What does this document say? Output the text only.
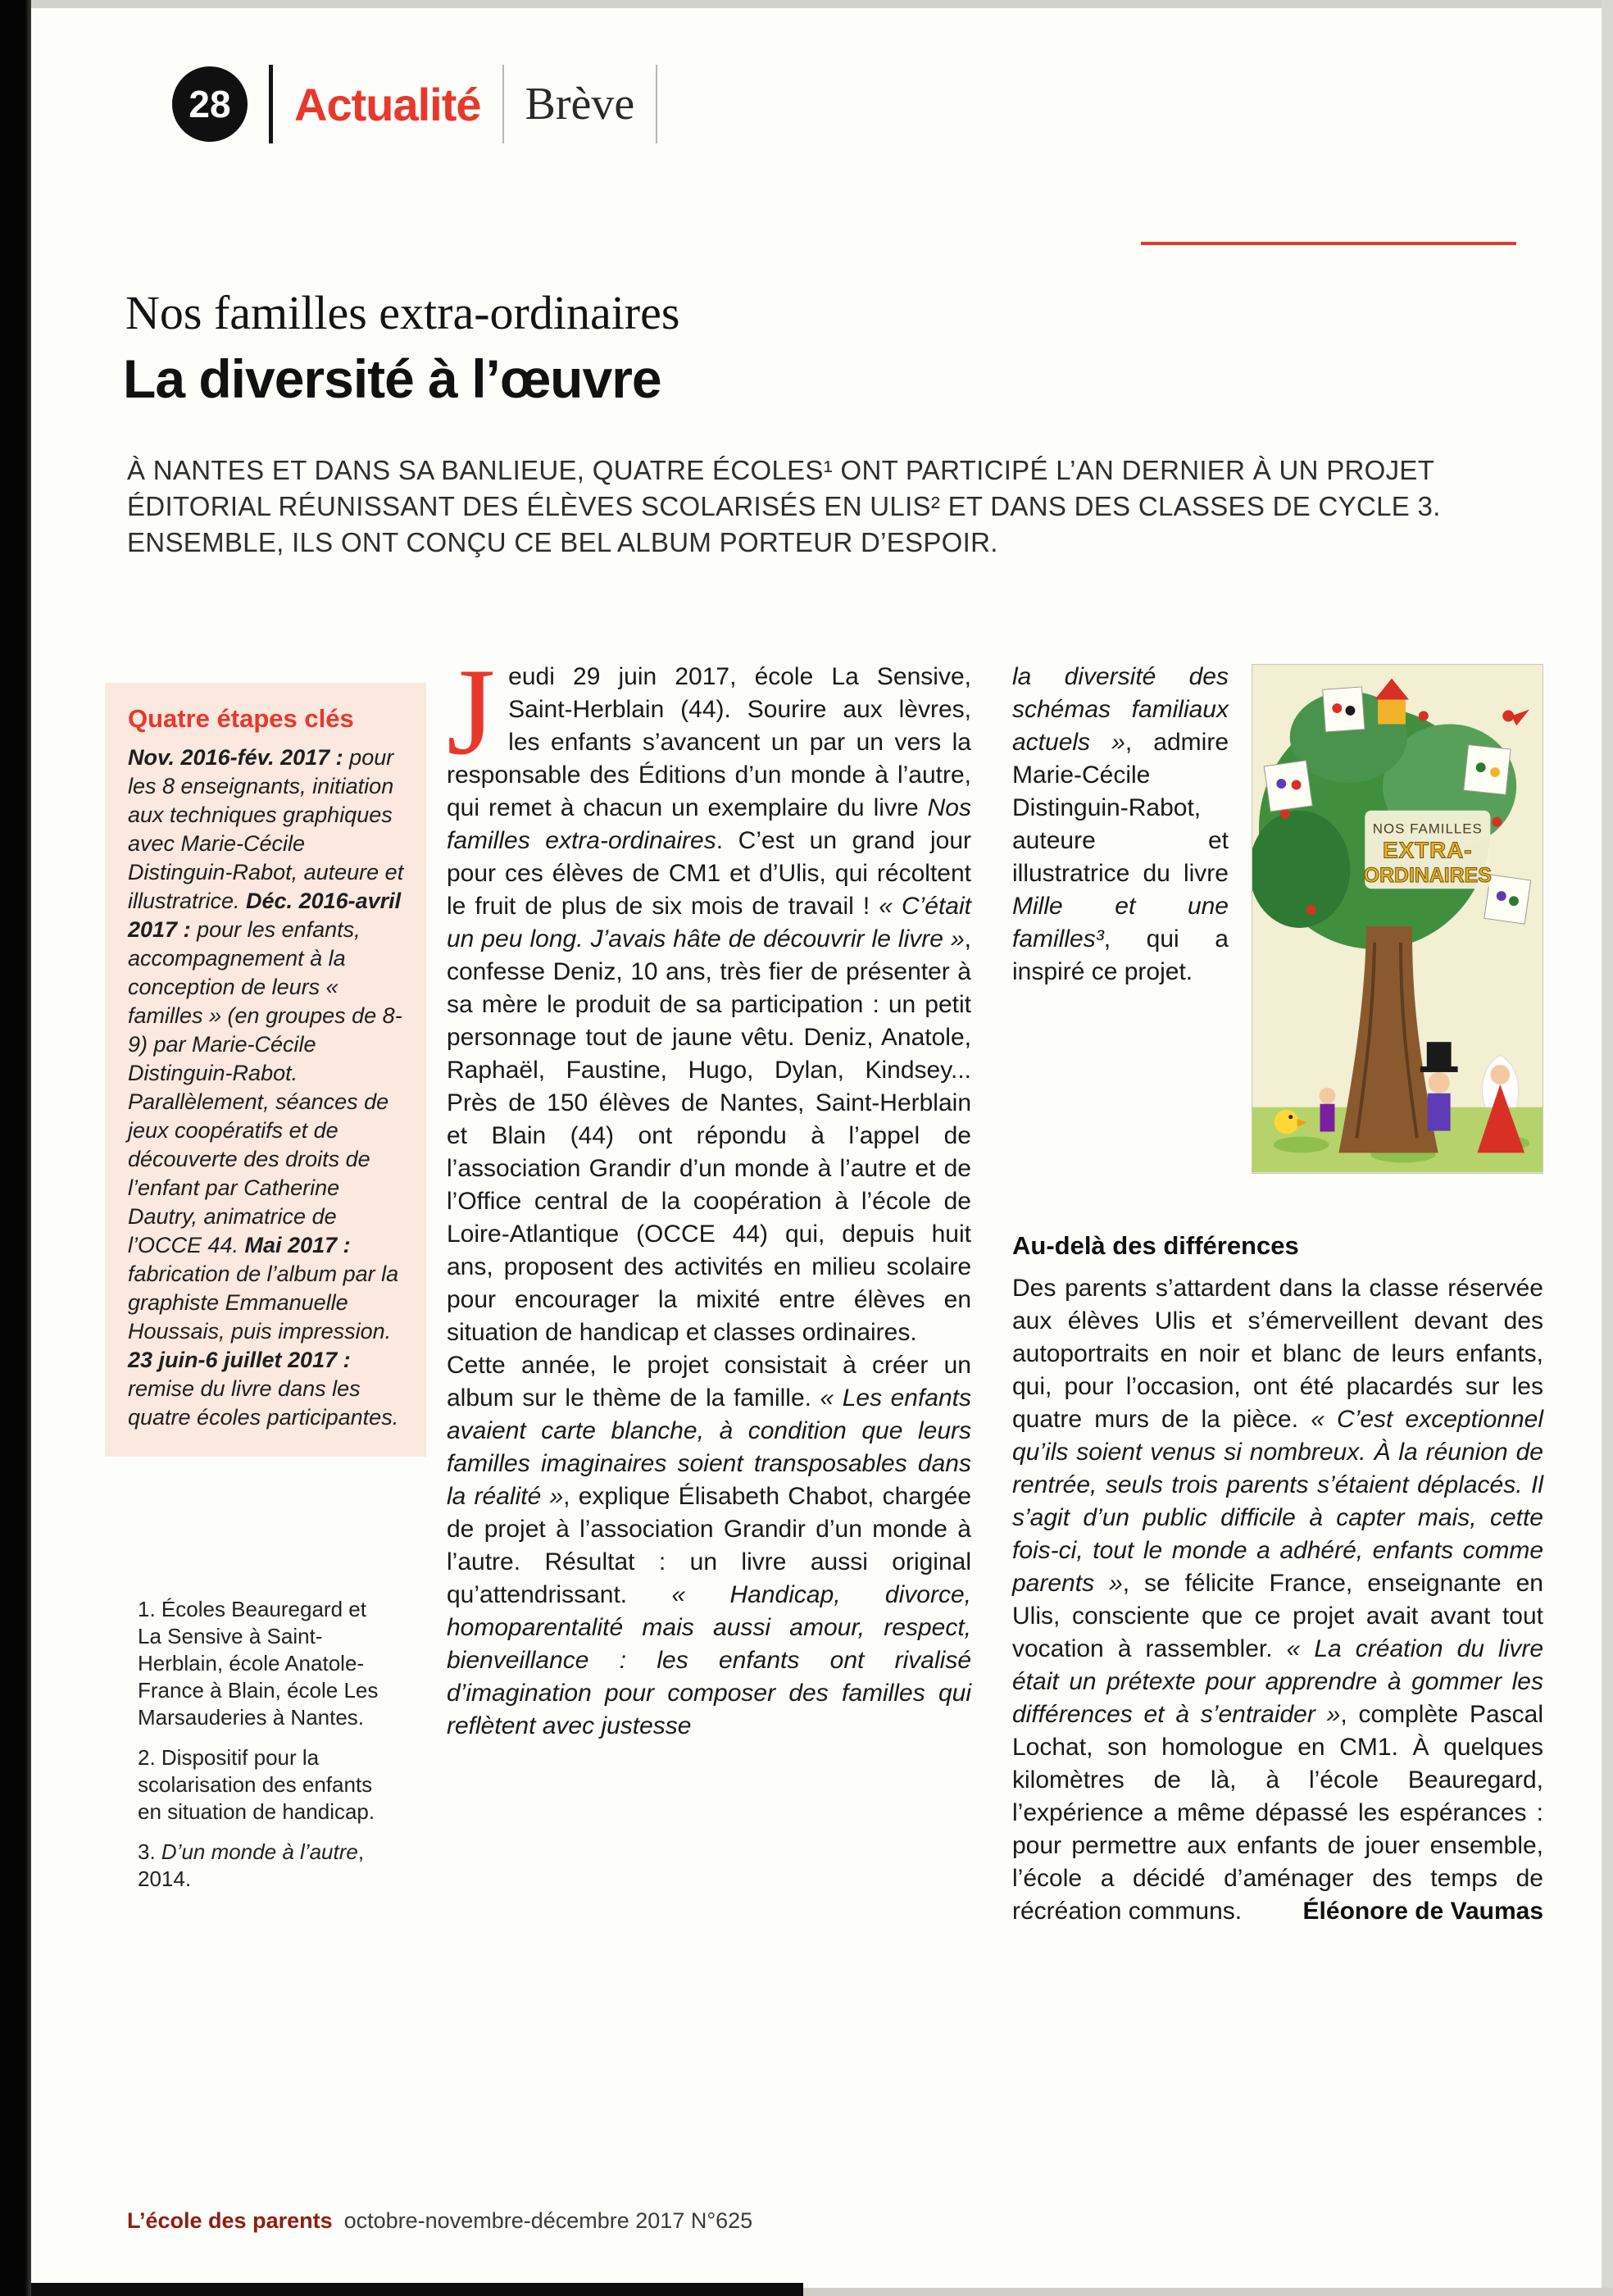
28	Actualité Brève
Nos familles extra-ordinaires
La diversité à l’œuvre

À NANTES ET DANS SA BANLIEUE, QUATRE ÉCOLES¹ ONT PARTICIPÉ L’AN DERNIER À UN PROJET ÉDITORIAL RÉUNISSANT DES ÉLÈVES SCOLARISÉS EN ULIS² ET DANS DES CLASSES DE CYCLE 3. ENSEMBLE, ILS ONT CONÇU CE BEL ALBUM PORTEUR D’ESPOIR.

Quatre étapes clés

Nov. 2016-fév. 2017 : pour les 8 enseignants, initiation aux techniques graphiques avec Marie-Cécile Distinguin-Rabot, auteure et illustratrice. Déc. 2016-avril 2017 : pour les enfants, accompagnement à la conception de leurs « familles » (en groupes de 8-9) par Marie-Cécile Distinguin-Rabot. Parallèlement, séances de jeux coopératifs et de découverte des droits de l’enfant par Catherine Dautry, animatrice de l’OCCE 44. Mai 2017 : fabrication de l’album par la graphiste Emmanuelle Houssais, puis impression. 23 juin-6 juillet 2017 : remise du livre dans les quatre écoles participantes.

1. Écoles Beauregard et La Sensive à Saint-Herblain, école Anatole-France à Blain, école Les Marsauderies à Nantes.

2. Dispositif pour la scolarisation des enfants en situation de handicap.

3. D’un monde à l’autre, 2014.

Jeudi 29 juin 2017, école La Sensive, Saint-Herblain (44). Sourire aux lèvres, les enfants s’avancent un par un vers la responsable des Éditions d’un monde à l’autre, qui remet à chacun un exemplaire du livre Nos familles extra-ordinaires. C’est un grand jour pour ces élèves de CM1 et d’Ulis, qui récoltent le fruit de plus de six mois de travail ! « C’était un peu long. J’avais hâte de découvrir le livre », confesse Deniz, 10 ans, très fier de présenter à sa mère le produit de sa participation : un petit personnage tout de jaune vêtu. Deniz, Anatole, Raphaël, Faustine, Hugo, Dylan, Kindsey... Près de 150 élèves de Nantes, Saint-Herblain et Blain (44) ont répondu à l’appel de l’association Grandir d’un monde à l’autre et de l’Office central de la coopération à l’école de Loire-Atlantique (OCCE 44) qui, depuis huit ans, proposent des activités en milieu scolaire pour encourager la mixité entre élèves en situation de handicap et classes ordinaires.

Cette année, le projet consistait à créer un album sur le thème de la famille. « Les enfants avaient carte blanche, à condition que leurs familles imaginaires soient transposables dans la réalité », explique Élisabeth Chabot, chargée de projet à l’association Grandir d’un monde à l’autre. Résultat : un livre aussi original qu’attendrissant. « Handicap, divorce, homoparentalité mais aussi amour, respect, bienveillance : les enfants ont rivalisé d’imagination pour composer des familles qui reflètent avec justesse

NOS FAMILLES
EXTRA-
ORDINAIRES

la diversité des schémas familiaux actuels », admire Marie-Cécile Distinguin-Rabot, auteure et illustratrice du livre Mille et une familles³, qui a inspiré ce projet.

Au-delà des différences

Des parents s’attardent dans la classe réservée aux élèves Ulis et s’émerveillent devant des autoportraits en noir et blanc de leurs enfants, qui, pour l’occasion, ont été placardés sur les quatre murs de la pièce. « C’est exceptionnel qu’ils soient venus si nombreux. À la réunion de rentrée, seuls trois parents s’étaient déplacés. Il s’agit d’un public difficile à capter mais, cette fois-ci, tout le monde a adhéré, enfants comme parents », se félicite France, enseignante en Ulis, consciente que ce projet avait avant tout vocation à rassembler. « La création du livre était un prétexte pour apprendre à gommer les différences et à s’entraider », complète Pascal Lochat, son homologue en CM1. À quelques kilomètres de là, à l’école Beauregard, l’expérience a même dépassé les espérances : pour permettre aux enfants de jouer ensemble, l’école a décidé d’aménager des temps de récréation communs.	Éléonore de Vaumas
L’école des parents octobre-novembre-décembre 2017 N°625
